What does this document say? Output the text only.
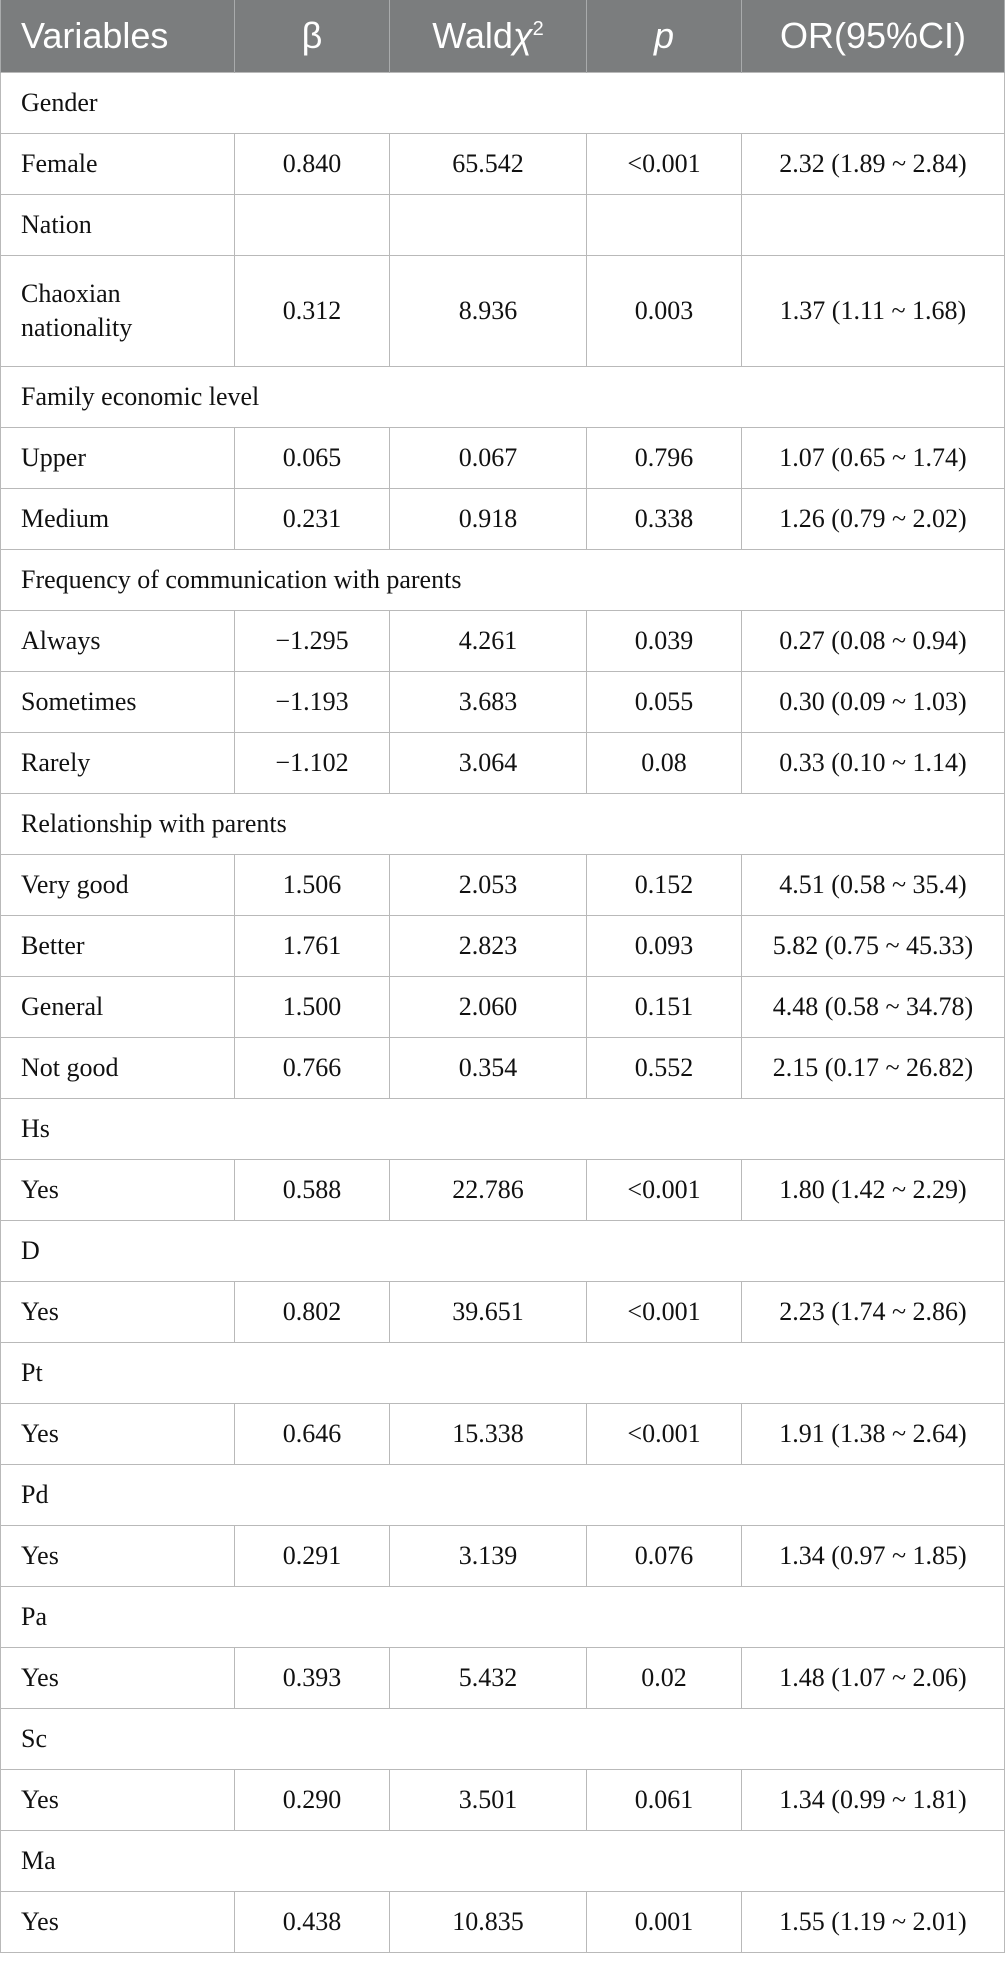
Variables	β	Waldχ$^2$	p	OR(95%CI)
Gender				
Female	0.840	65.542	<0.001	2.32 (1.89 ~ 2.84)
Nation				
Chaoxian nationality	0.312	8.936	0.003	1.37 (1.11 ~ 1.68)
Family economic level				
Upper	0.065	0.067	0.796	1.07 (0.65 ~ 1.74)
Medium	0.231	0.918	0.338	1.26 (0.79 ~ 2.02)
Frequency of communication with parents				
Always	−1.295	4.261	0.039	0.27 (0.08 ~ 0.94)
Sometimes	−1.193	3.683	0.055	0.30 (0.09 ~ 1.03)
Rarely	−1.102	3.064	0.08	0.33 (0.10 ~ 1.14)
Relationship with parents				
Very good	1.506	2.053	0.152	4.51 (0.58 ~ 35.4)
Better	1.761	2.823	0.093	5.82 (0.75 ~ 45.33)
General	1.500	2.060	0.151	4.48 (0.58 ~ 34.78)
Not good	0.766	0.354	0.552	2.15 (0.17 ~ 26.82)
Hs				
Yes	0.588	22.786	<0.001	1.80 (1.42 ~ 2.29)
D				
Yes	0.802	39.651	<0.001	2.23 (1.74 ~ 2.86)
Pt				
Yes	0.646	15.338	<0.001	1.91 (1.38 ~ 2.64)
Pd				
Yes	0.291	3.139	0.076	1.34 (0.97 ~ 1.85)
Pa				
Yes	0.393	5.432	0.02	1.48 (1.07 ~ 2.06)
Sc				
Yes	0.290	3.501	0.061	1.34 (0.99 ~ 1.81)
Ma				
Yes	0.438	10.835	0.001	1.55 (1.19 ~ 2.01)
